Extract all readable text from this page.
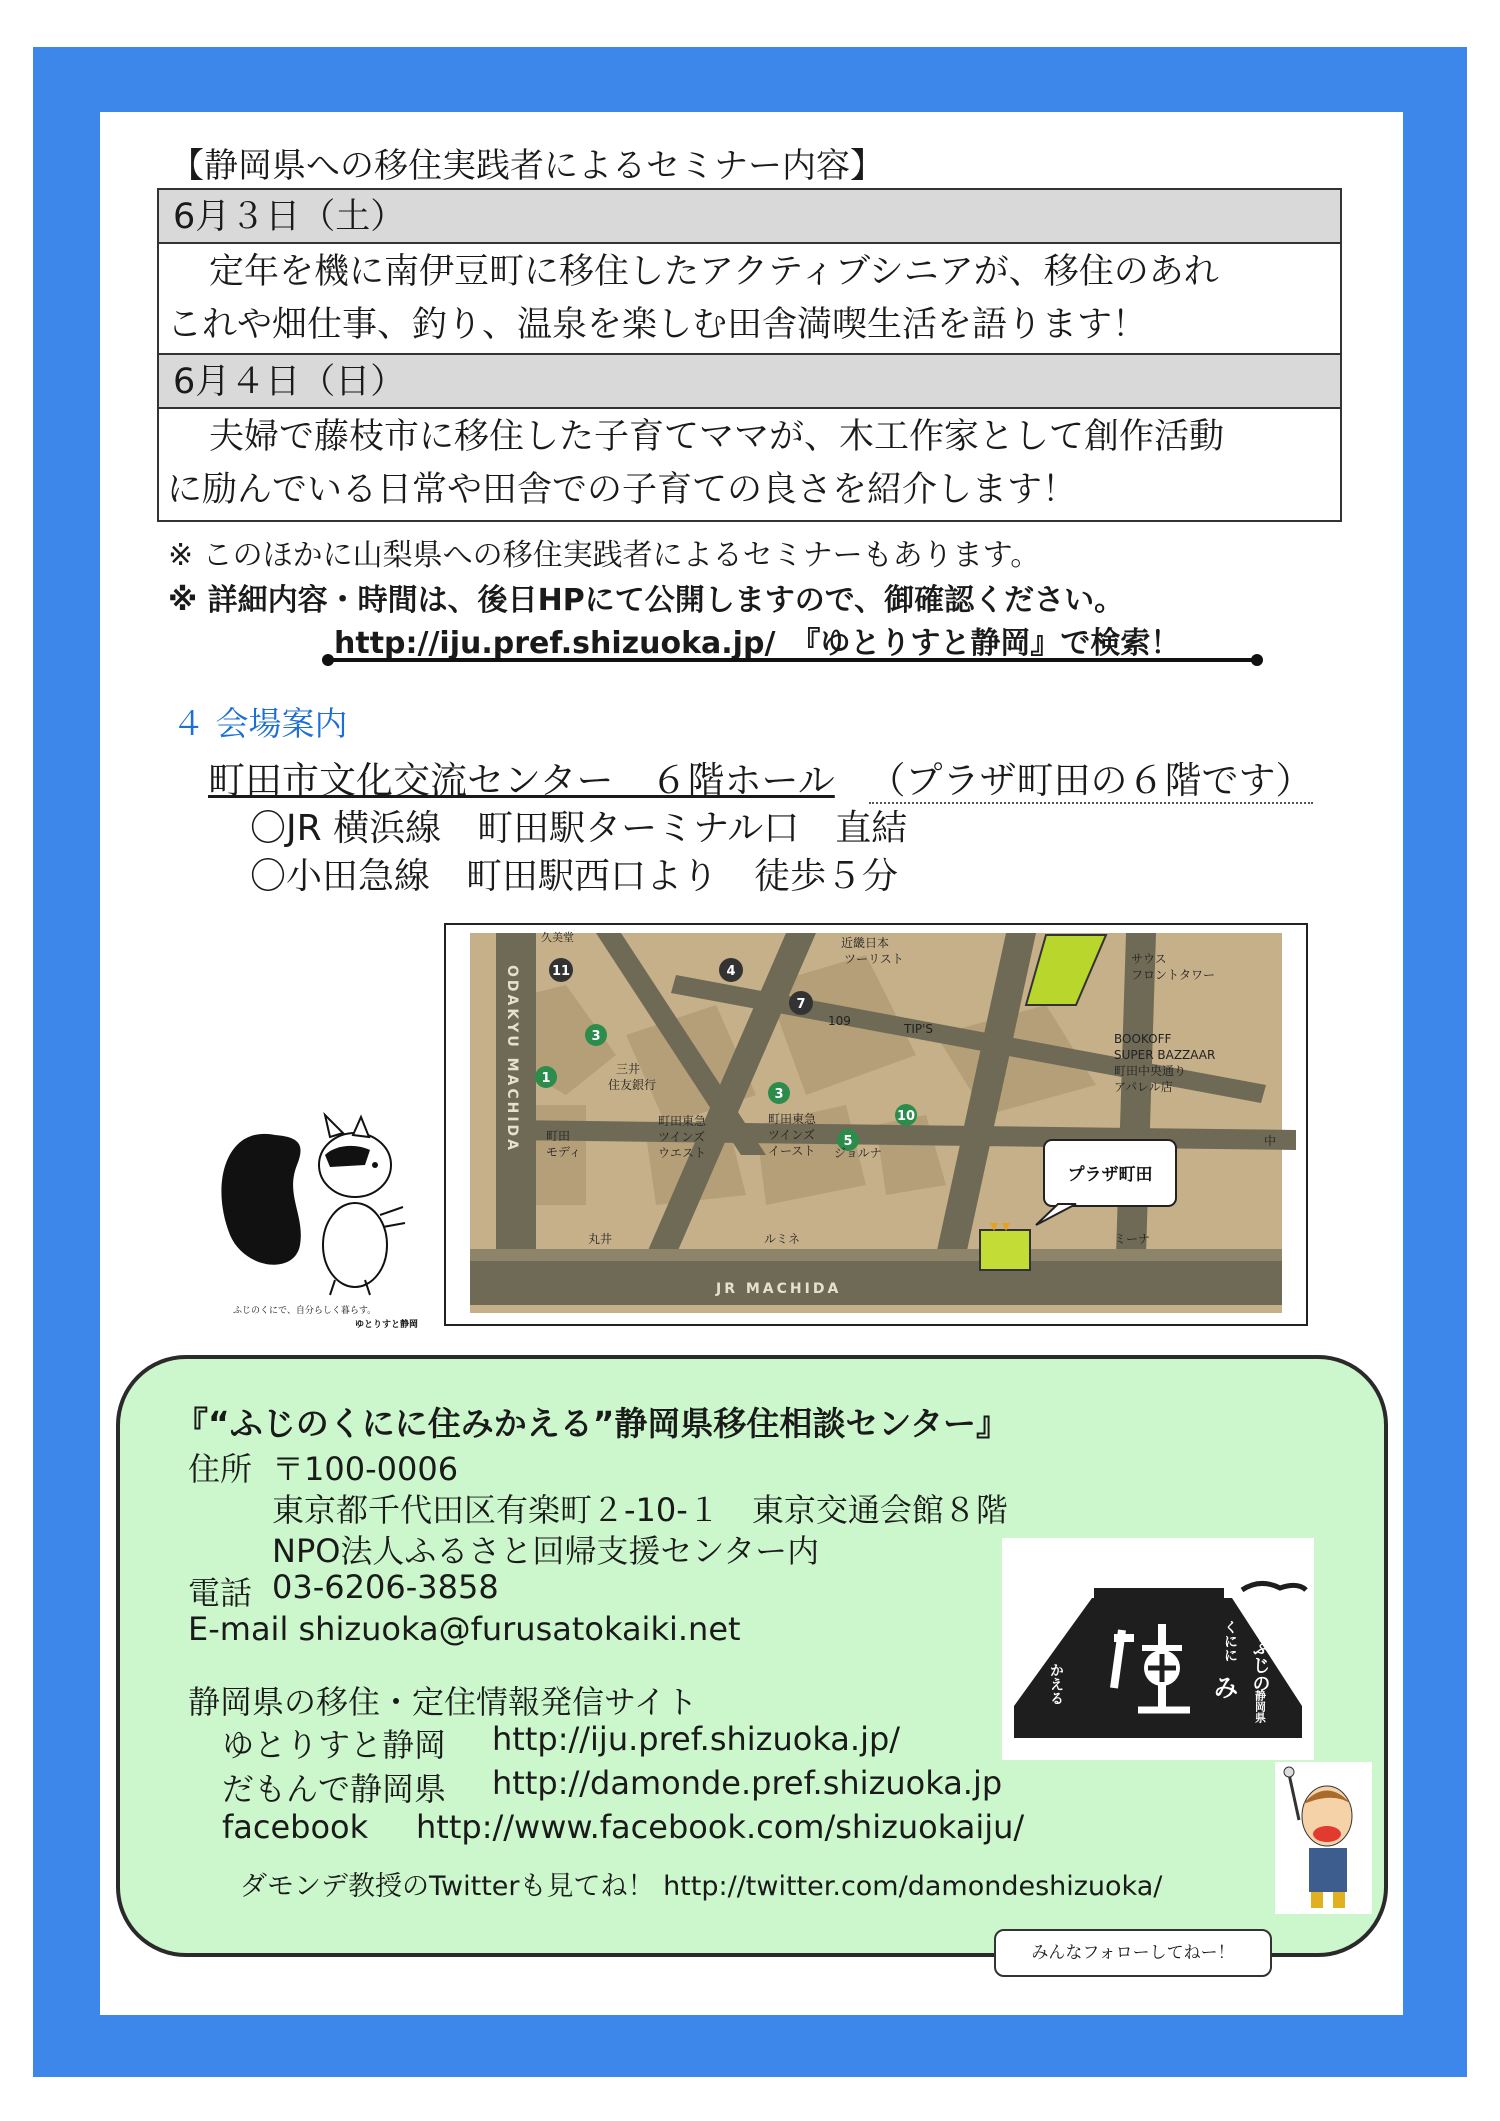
【静岡県への移住実践者によるセミナー内容】
6月３日（土）
定年を機に南伊豆町に移住したアクティブシニアが、移住のあれ
これや畑仕事、釣り、温泉を楽しむ田舎満喫生活を語ります！
6月４日（日）
夫婦で藤枝市に移住した子育てママが、木工作家として創作活動
に励んでいる日常や田舎での子育ての良さを紹介します！
※ このほかに山梨県への移住実践者によるセミナーもあります。
※ 詳細内容・時間は、後日HPにて公開しますので、御確認ください。
http://iju.pref.shizuoka.jp/　『ゆとりすと静岡』で検索！
４ 会場案内
町田市文化交流センター　６階ホール （プラザ町田の６階です）
〇JR 横浜線　町田駅ターミナル口　直結
〇小田急線　町田駅西口より　徒歩５分
ふじのくにで、自分らしく暮らす。
ゆとりすと静岡
11	4
7
3
1
3
10
5
ODAKYU MACHIDA
JR MACHIDA
久美堂	近畿日本
ツーリスト	サウス
フロントタワー
BOOKOFF
SUPER BAZZAAR
町田中央通り
アパレル店
109
TIP'S
三井
住友銀行
町田東急
ツインズ
ウエスト
町田東急
ツインズ
イースト ジョルナ
町田
モディ
丸井	ルミネ	ミーナ
中
プラザ町田
『“ふじのくにに住みかえる”静岡県移住相談センター』
住所 〒100-0006
東京都千代田区有楽町２-10-１　東京交通会館８階
NPO法人ふるさと回帰支援センター内
電話 03-6206-3858
E-mail shizuoka@furusatokaiki.net
静岡県の移住・定住情報発信サイト
ゆとりすと静岡 http://iju.pref.shizuoka.jp/
だもんで静岡県 http://damonde.pref.shizuoka.jp
facebook http://www.facebook.com/shizuokaiju/
ダモンデ教授のTwitterも見てね！ http://twitter.com/damondeshizuoka/
ふじの
くにに
かえる	み
静岡県
みんなフォローしてねー！
